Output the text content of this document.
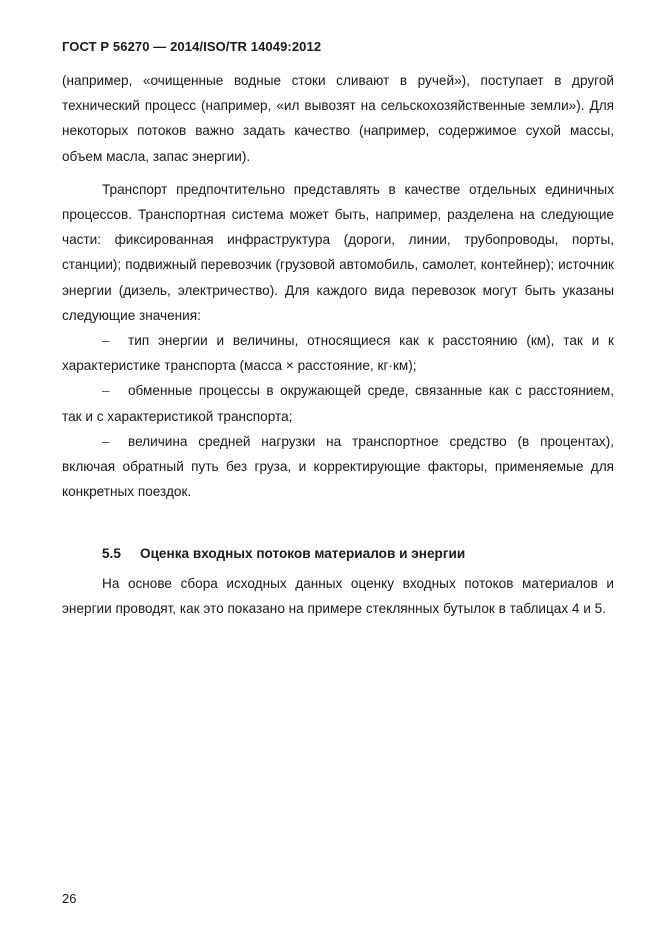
ГОСТ Р 56270 — 2014/ISO/TR 14049:2012

(например, «очищенные водные стоки сливают в ручей»), поступает в другой технический процесс (например, «ил вывозят на сельскохозяйственные земли»). Для некоторых потоков важно задать качество (например, содержимое сухой массы, объем масла, запас энергии).

Транспорт предпочтительно представлять в качестве отдельных единичных процессов. Транспортная система может быть, например, разделена на следующие части: фиксированная инфраструктура (дороги, линии, трубопроводы, порты, станции); подвижный перевозчик (грузовой автомобиль, самолет, контейнер); источник энергии (дизель, электричество). Для каждого вида перевозок могут быть указаны следующие значения:

– тип энергии и величины, относящиеся как к расстоянию (км), так и к характеристике транспорта (масса × расстояние, кг·км);

– обменные процессы в окружающей среде, связанные как с расстоянием, так и с характеристикой транспорта;

– величина средней нагрузки на транспортное средство (в процентах), включая обратный путь без груза, и корректирующие факторы, применяемые для конкретных поездок.

5.5 Оценка входных потоков материалов и энергии

На основе сбора исходных данных оценку входных потоков материалов и энергии проводят, как это показано на примере стеклянных бутылок в таблицах 4 и 5.

26
